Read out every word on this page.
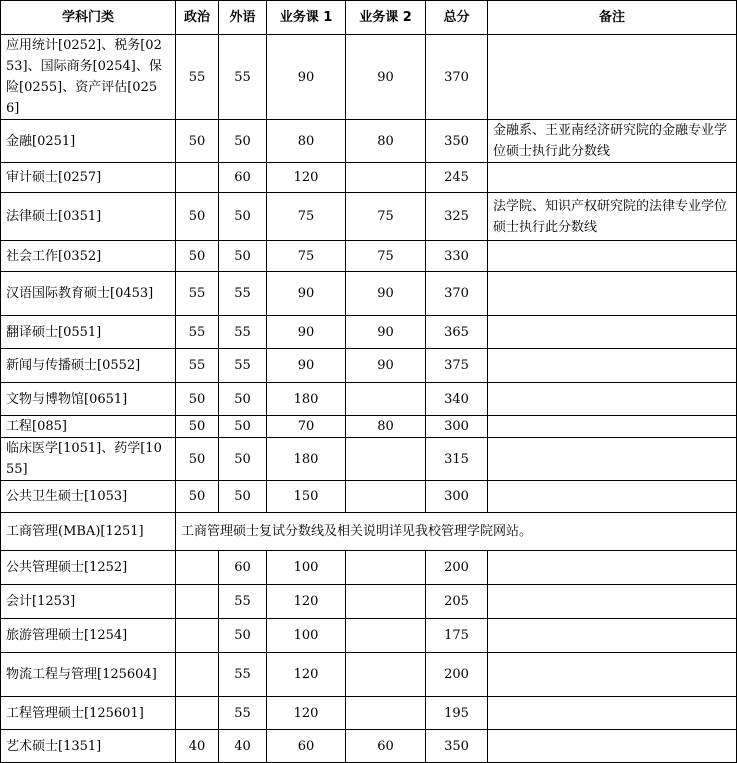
学科门类	政治	外语	业务课 1	业务课 2	总分	备注
应用统计[0252]、税务[0253]、国际商务[0254]、保险[0255]、资产评估[0256]	55	55	90	90	370	
金融[0251]	50	50	80	80	350	金融系、王亚南经济研究院的金融专业学位硕士执行此分数线
审计硕士[0257]		60	120		245	
法律硕士[0351]	50	50	75	75	325	法学院、知识产权研究院的法律专业学位硕士执行此分数线
社会工作[0352]	50	50	75	75	330	
汉语国际教育硕士[0453]	55	55	90	90	370	
翻译硕士[0551]	55	55	90	90	365	
新闻与传播硕士[0552]	55	55	90	90	375	
文物与博物馆[0651]	50	50	180		340	
工程[085]	50	50	70	80	300	
临床医学[1051]、药学[1055]	50	50	180		315	
公共卫生硕士[1053]	50	50	150		300	
工商管理(MBA)[1251]	工商管理硕士复试分数线及相关说明详见我校管理学院网站。					
公共管理硕士[1252]		60	100		200	
会计[1253]		55	120		205	
旅游管理硕士[1254]		50	100		175	
物流工程与管理[125604]		55	120		200	
工程管理硕士[125601]		55	120		195	
艺术硕士[1351]	40	40	60	60	350	
